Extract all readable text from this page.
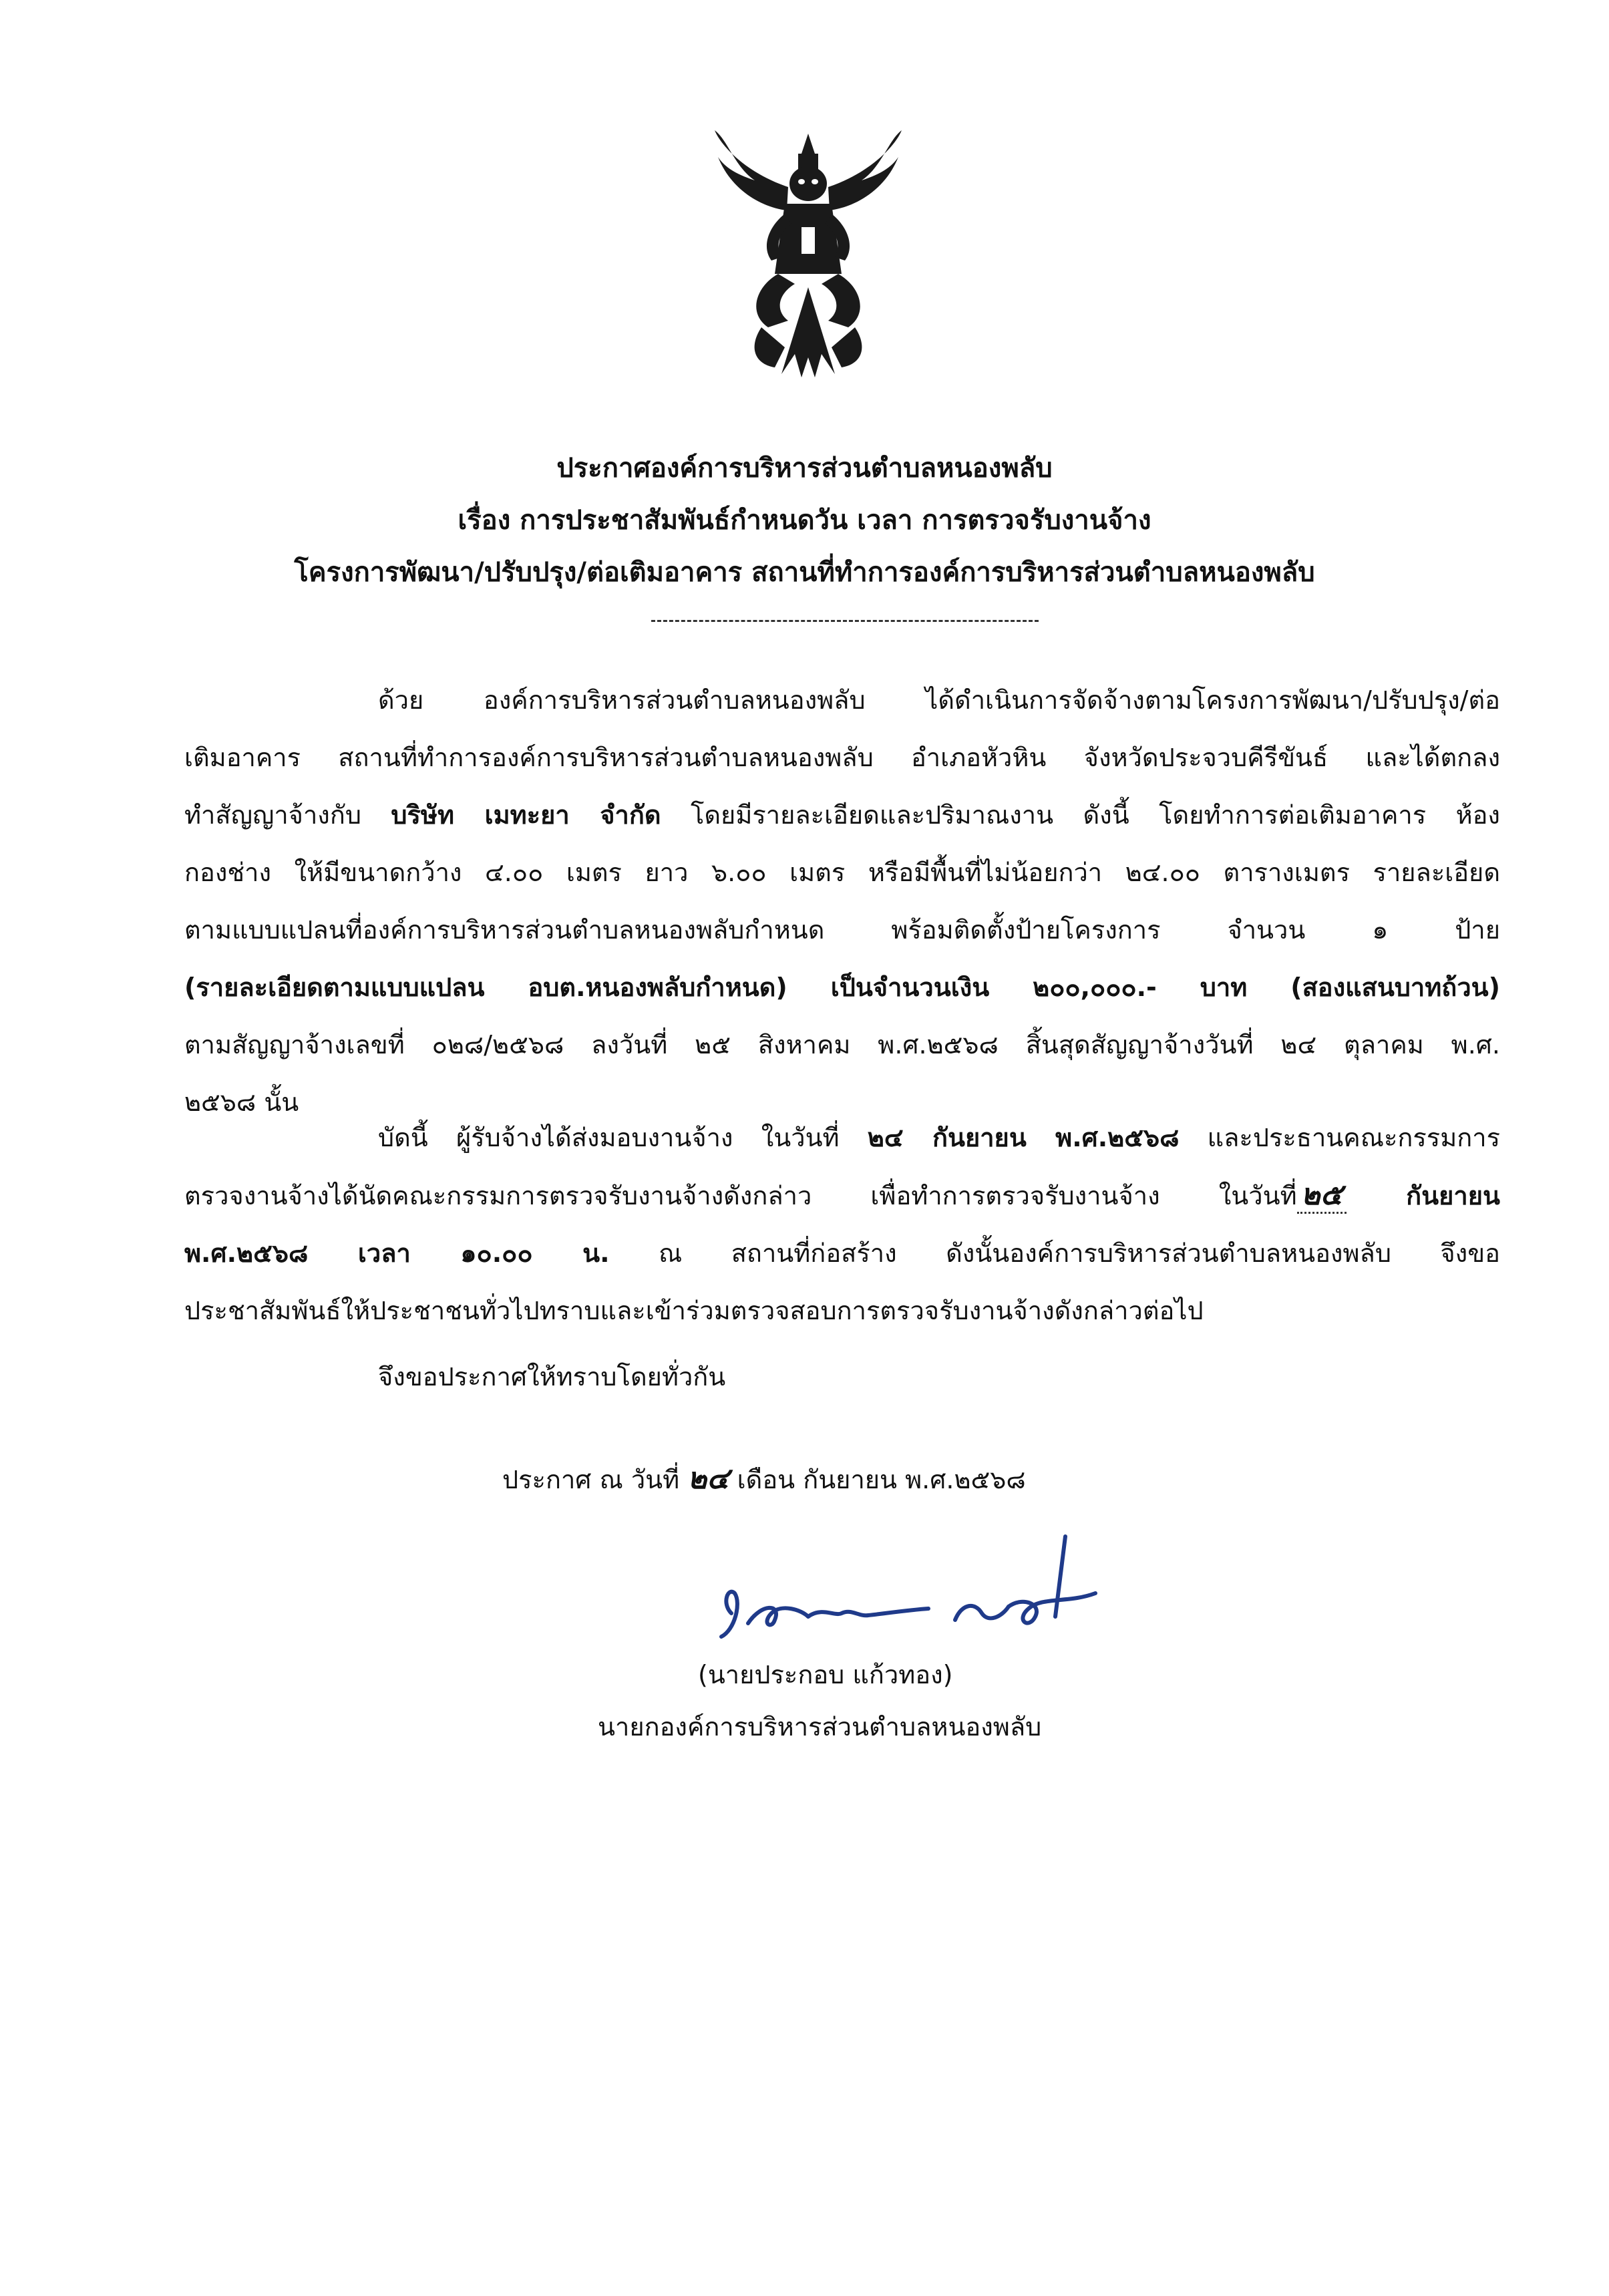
ประกาศองค์การบริหารส่วนตำบลหนองพลับ
เรื่อง การประชาสัมพันธ์กำหนดวัน เวลา การตรวจรับงานจ้าง
โครงการพัฒนา/ปรับปรุง/ต่อเติมอาคาร สถานที่ทำการองค์การบริหารส่วนตำบลหนองพลับ
ด้วย องค์การบริหารส่วนตำบลหนองพลับ ได้ดำเนินการจัดจ้างตามโครงการพัฒนา/ปรับปรุง/ต่อ
เติมอาคาร สถานที่ทำการองค์การบริหารส่วนตำบลหนองพลับ อำเภอหัวหิน จังหวัดประจวบคีรีขันธ์ และได้ตกลง
ทำสัญญาจ้างกับ บริษัท เมทะยา จำกัด โดยมีรายละเอียดและปริมาณงาน ดังนี้ โดยทำการต่อเติมอาคาร ห้อง
กองช่าง ให้มีขนาดกว้าง ๔.๐๐ เมตร ยาว ๖.๐๐ เมตร หรือมีพื้นที่ไม่น้อยกว่า ๒๔.๐๐ ตารางเมตร รายละเอียด
ตามแบบแปลนที่องค์การบริหารส่วนตำบลหนองพลับกำหนด พร้อมติดตั้งป้ายโครงการ จำนวน ๑ ป้าย
(รายละเอียดตามแบบแปลน อบต.หนองพลับกำหนด) เป็นจำนวนเงิน ๒๐๐,๐๐๐.- บาท (สองแสนบาทถ้วน)
ตามสัญญาจ้างเลขที่ ๐๒๘/๒๕๖๘ ลงวันที่ ๒๕ สิงหาคม พ.ศ.๒๕๖๘ สิ้นสุดสัญญาจ้างวันที่ ๒๔ ตุลาคม พ.ศ.
๒๕๖๘ นั้น
บัดนี้ ผู้รับจ้างได้ส่งมอบงานจ้าง ในวันที่ ๒๔ กันยายน พ.ศ.๒๕๖๘ และประธานคณะกรรมการ
ตรวจงานจ้างได้นัดคณะกรรมการตรวจรับงานจ้างดังกล่าว เพื่อทำการตรวจรับงานจ้าง ในวันที่ ๒๕ กันยายน
พ.ศ.๒๕๖๘ เวลา ๑๐.๐๐ น. ณ สถานที่ก่อสร้าง ดังนั้นองค์การบริหารส่วนตำบลหนองพลับ จึงขอ
ประชาสัมพันธ์ให้ประชาชนทั่วไปทราบและเข้าร่วมตรวจสอบการตรวจรับงานจ้างดังกล่าวต่อไป
จึงขอประกาศให้ทราบโดยทั่วกัน
ประกาศ ณ วันที่ ๒๔ เดือน กันยายน พ.ศ.๒๕๖๘
(นายประกอบ แก้วทอง)
นายกองค์การบริหารส่วนตำบลหนองพลับ
